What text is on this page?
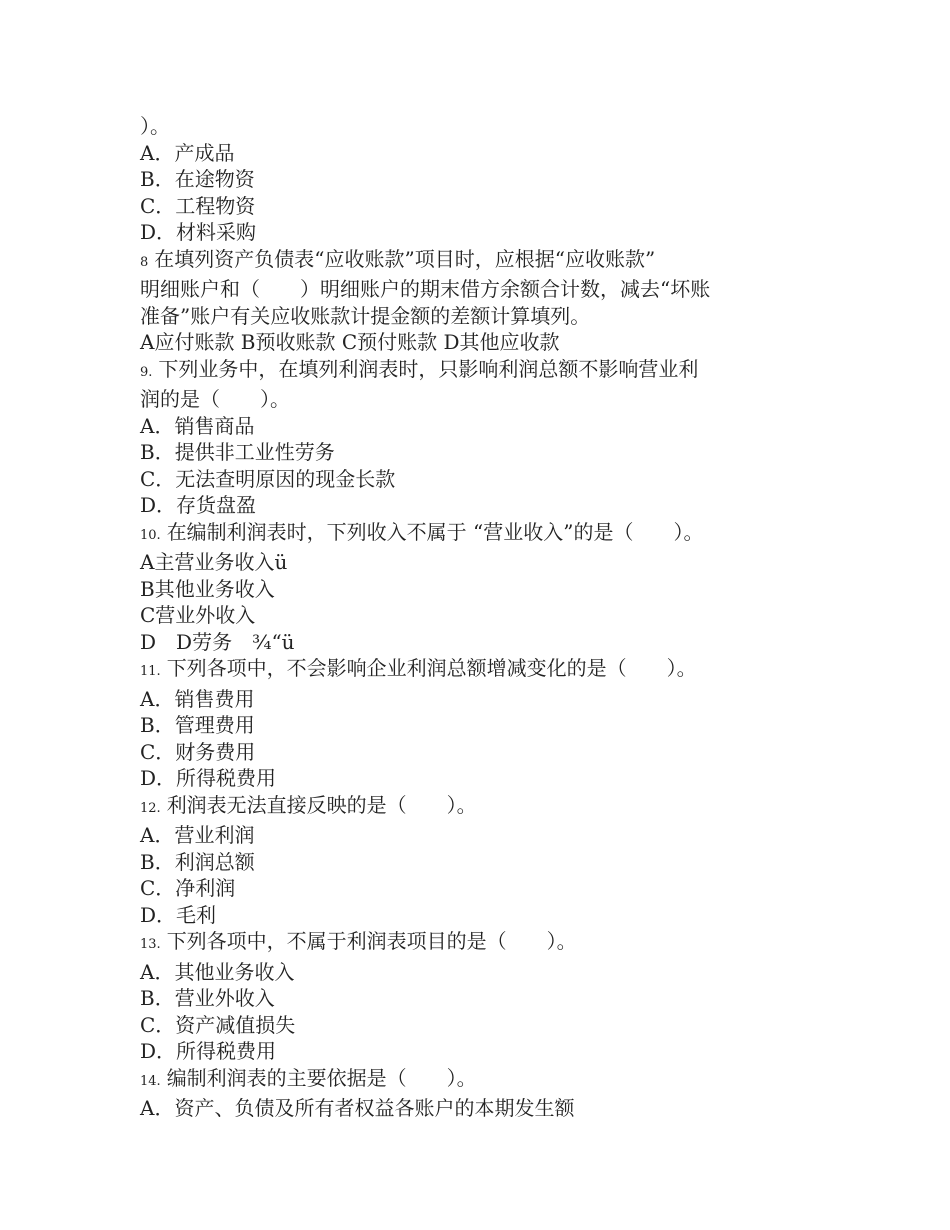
）。
A．产成品
B．在途物资
C．工程物资
D．材料采购
8 在填列资产负债表“应收账款”项目时，应根据“应收账款”
明细账户和（　　）明细账户的期末借方余额合计数，减去“坏账
准备”账户有关应收账款计提金额的差额计算填列。
A应付账款 B预收账款 C预付账款 D其他应收款
9. 下列业务中，在填列利润表时，只影响利润总额不影响营业利
润的是（　　）。
A．销售商品
B．提供非工业性劳务
C．无法查明原因的现金长款
D．存货盘盈
10. 在编制利润表时，下列收入不属于 “营业收入”的是（　　）。
A主营业务收入ü
B其他业务收入
C营业外收入
D　D劳务　¾“ü
11. 下列各项中，不会影响企业利润总额增减变化的是（　　）。
A．销售费用
B．管理费用
C．财务费用
D．所得税费用
12. 利润表无法直接反映的是（　　）。
A．营业利润
B．利润总额
C．净利润
D．毛利
13. 下列各项中，不属于利润表项目的是（　　）。
A．其他业务收入
B．营业外收入
C．资产减值损失
D．所得税费用
14. 编制利润表的主要依据是（　　）。
A．资产、负债及所有者权益各账户的本期发生额
